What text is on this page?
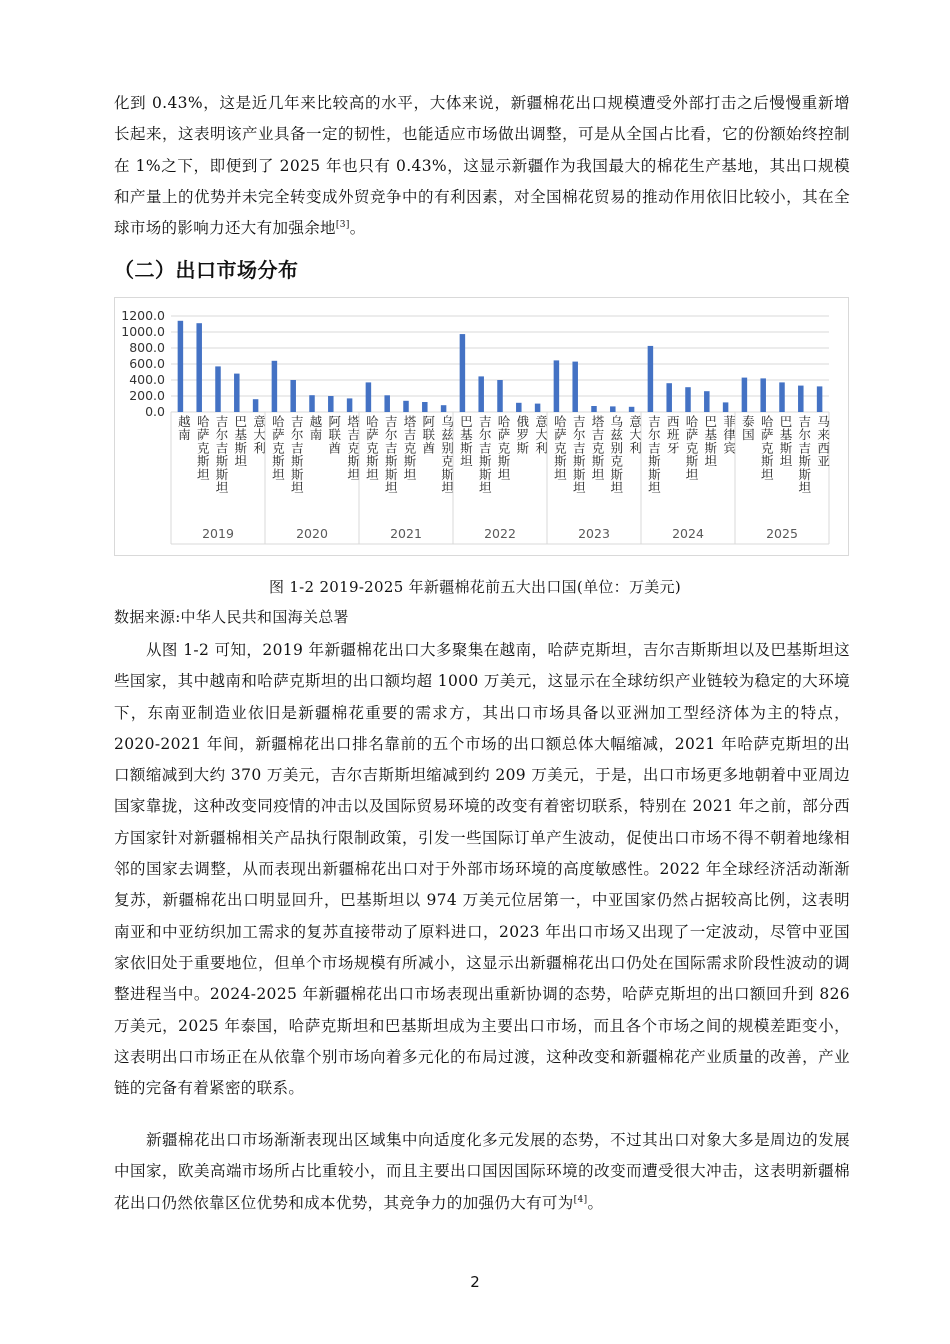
化到 0.43%，这是近几年来比较高的水平，大体来说，新疆棉花出口规模遭受外部打击之后慢慢重新增长起来，这表明该产业具备一定的韧性，也能适应市场做出调整，可是从全国占比看，它的份额始终控制在 1%之下，即便到了 2025 年也只有 0.43%，这显示新疆作为我国最大的棉花生产基地，其出口规模和产量上的优势并未完全转变成外贸竞争中的有利因素，对全国棉花贸易的推动作用依旧比较小，其在全球市场的影响力还大有加强余地[3]。
（二）出口市场分布
0.0
200.0
400.0
600.0
800.0
1000.0
1200.0
越南
哈萨克斯坦
吉尔吉斯斯坦
巴基斯坦
意大利
2019
哈萨克斯坦
吉尔吉斯斯坦
越南
阿联酋
塔吉克斯坦
2020
哈萨克斯坦
吉尔吉斯斯坦
塔吉克斯坦
阿联酋
乌兹别克斯坦
2021
巴基斯坦
吉尔吉斯斯坦
哈萨克斯坦
俄罗斯
意大利
2022
哈萨克斯坦
吉尔吉斯斯坦
塔吉克斯坦
乌兹别克斯坦
意大利
2023
吉尔吉斯斯坦
西班牙
哈萨克斯坦
巴基斯坦
菲律宾
2024
泰国
哈萨克斯坦
巴基斯坦
吉尔吉斯斯坦
马来西亚
2025
图 1-2 2019-2025 年新疆棉花前五大出口国(单位：万美元)
数据来源:中华人民共和国海关总署
从图 1-2 可知，2019 年新疆棉花出口大多聚集在越南，哈萨克斯坦，吉尔吉斯斯坦以及巴基斯坦这些国家，其中越南和哈萨克斯坦的出口额均超 1000 万美元，这显示在全球纺织产业链较为稳定的大环境下，东南亚制造业依旧是新疆棉花重要的需求方，其出口市场具备以亚洲加工型经济体为主的特点，2020-2021 年间，新疆棉花出口排名靠前的五个市场的出口额总体大幅缩减，2021 年哈萨克斯坦的出口额缩减到大约 370 万美元，吉尔吉斯斯坦缩减到约 209 万美元，于是，出口市场更多地朝着中亚周边国家靠拢，这种改变同疫情的冲击以及国际贸易环境的改变有着密切联系，特别在 2021 年之前，部分西方国家针对新疆棉相关产品执行限制政策，引发一些国际订单产生波动，促使出口市场不得不朝着地缘相邻的国家去调整，从而表现出新疆棉花出口对于外部市场环境的高度敏感性。2022 年全球经济活动渐渐复苏，新疆棉花出口明显回升，巴基斯坦以 974 万美元位居第一，中亚国家仍然占据较高比例，这表明南亚和中亚纺织加工需求的复苏直接带动了原料进口，2023 年出口市场又出现了一定波动，尽管中亚国家依旧处于重要地位，但单个市场规模有所减小，这显示出新疆棉花出口仍处在国际需求阶段性波动的调整进程当中。2024-2025 年新疆棉花出口市场表现出重新协调的态势，哈萨克斯坦的出口额回升到 826 万美元，2025 年泰国，哈萨克斯坦和巴基斯坦成为主要出口市场，而且各个市场之间的规模差距变小，这表明出口市场正在从依靠个别市场向着多元化的布局过渡，这种改变和新疆棉花产业质量的改善，产业链的完备有着紧密的联系。
新疆棉花出口市场渐渐表现出区域集中向适度化多元发展的态势，不过其出口对象大多是周边的发展中国家，欧美高端市场所占比重较小，而且主要出口国因国际环境的改变而遭受很大冲击，这表明新疆棉花出口仍然依靠区位优势和成本优势，其竞争力的加强仍大有可为[4]。
2
